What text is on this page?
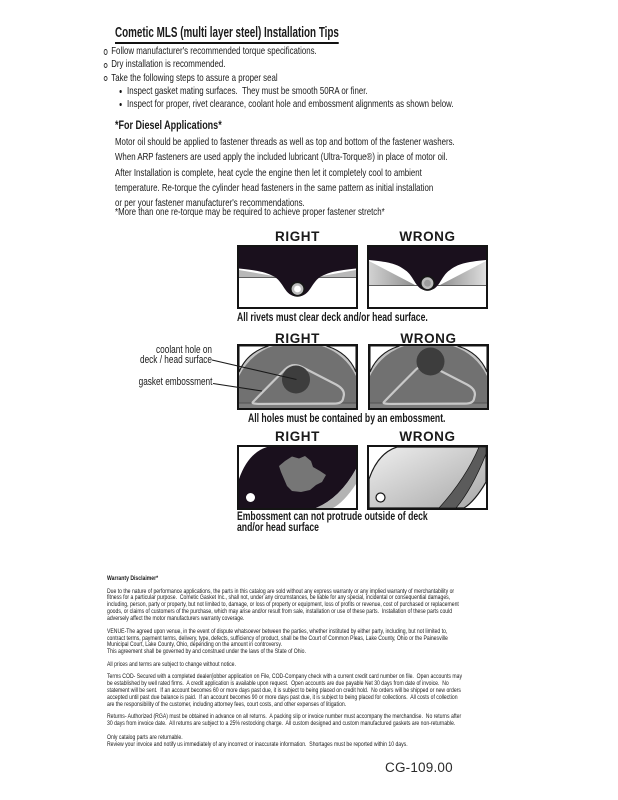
Cometic MLS (multi layer steel) Installation Tips
Follow manufacturer's recommended torque specifications.
Dry installation is recommended.
Take the following steps to assure a proper seal
Inspect gasket mating surfaces.  They must be smooth 50RA or finer.
Inspect for proper, rivet clearance, coolant hole and embossment alignments as shown below.
*For Diesel Applications*
Motor oil should be applied to fastener threads as well as top and bottom of the fastener washers.
When ARP fasteners are used apply the included lubricant (Ultra-Torque®) in place of motor oil.
After Installation is complete, heat cycle the engine then let it completely cool to ambient
temperature. Re-torque the cylinder head fasteners in the same pattern as initial installation
or per your fastener manufacturer's recommendations.
*More than one re-torque may be required to achieve proper fastener stretch*
RIGHT	WRONG
All rivets must clear deck and/or head surface.
RIGHT	WRONG
coolant hole on
deck / head surface
gasket embossment
All holes must be contained by an embossment.
RIGHT	WRONG
Embossment can not protrude outside of deck
and/or head surface
Warranty Disclaimer*
Due to the nature of performance applications, the parts in this catalog are sold without any express warranty or any implied warranty of merchantability or
fitness for a particular purpose.  Cometic Gasket Inc., shall not, under any circumstances, be liable for any special, incidental or consequential damages,
including, person, party or property, but not limited to, damage, or loss of property or equipment, loss of profits or revenue, cost of purchased or replacement
goods, or claims of customers of the purchase, which may arise and/or result from sale, installation or use of these parts.  Installation of these parts could
adversely affect the motor manufacturers warranty coverage.
VENUE-The agreed upon venue, in the event of dispute whatsoever between the parties, whether instituted by either party, including, but not limited to,
contract terms, payment terms, delivery, type, defects, sufficiency of product, shall be the Court of Common Pleas, Lake County, Ohio or the Painesville
Municipal Court, Lake County, Ohio, depending on the amount in controversy.
This agreement shall be governed by and construed under the laws of the State of Ohio.
All prices and terms are subject to change without notice.
Terms COD- Secured with a completed dealer/jobber application on File, COD-Company check with a current credit card number on file.  Open accounts may
be established by well rated firms.  A credit application is available upon request.  Open accounts are due payable Net 30 days from date of invoice.  No
statement will be sent.  If an account becomes 60 or more days past due, it is subject to being placed on credit hold.  No orders will be shipped or new orders
accepted until past due balance is paid.  If an account becomes 90 or more days past due, it is subject to being placed for collections.  All costs of collection
are the responsibility of the customer, including attorney fees, court costs, and other expenses of litigation.
Returns- Authorized (RGA) must be obtained in advance on all returns.  A packing slip or invoice number must accompany the merchandise.  No returns after
30 days from invoice date.  All returns are subject to a 25% restocking charge.  All custom designed and custom manufactured gaskets are non-returnable.

Only catalog parts are returnable.
Review your invoice and notify us immediately of any incorrect or inaccurate information.  Shortages must be reported within 10 days.
CG-109.00
